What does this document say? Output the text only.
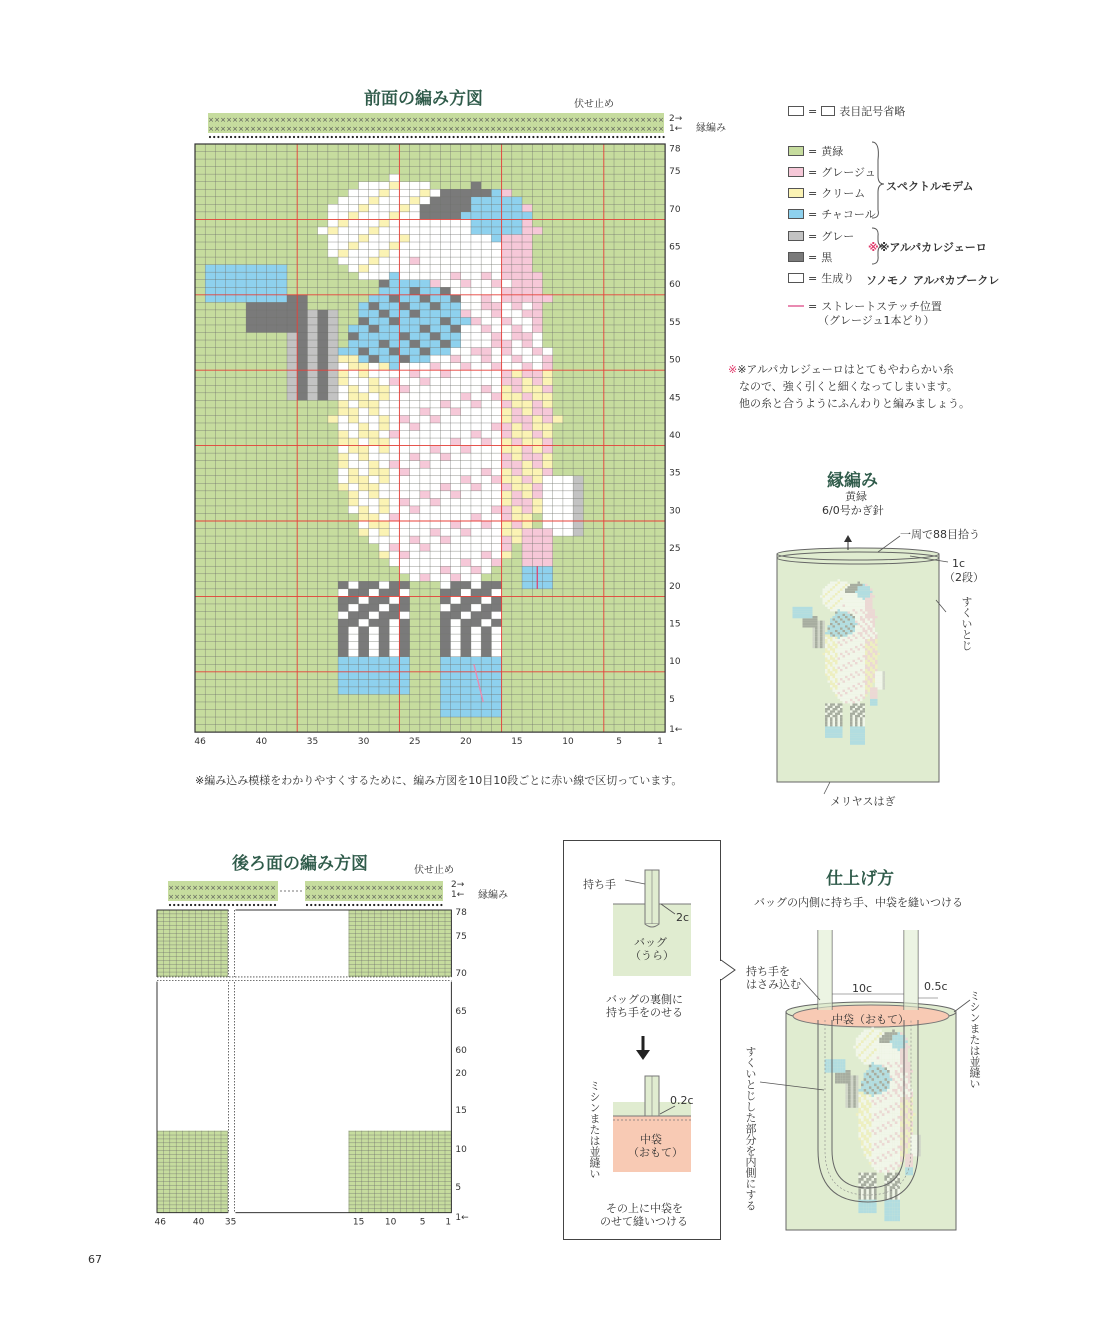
前面の編み方図	伏せ止め
縁編み
2→
1←
×
×
×
×
×
×
×
×
×
×
×
×
×
×
×
×
×
×
×
×
×
×
×
×
×
×
×
×
×
×
×
×
×
×
×
×
×
×
×
×
×
×
×
×
×
×
×
×
×
×
×
×
×
×
×
×
×
×
×
×
×
×
×
×
×
×
×
×
×
×
×
×
×
×
×
×
×
×
×
×
×
×
×
×
×
×
×
×
×
×
×
×
×
×
×
×
×
×
×
×
×
×
×
×
×
×
×
×
×
×
×
×
×
×
×
×
×
×
×
×
×
×
×
×
×
×
×
×
×
×
×
×
×
×
×
×
×
×
×
×
×
×
×
×
×
×
×
×
×
×
×
×
78
75
70
65
60
55
50
45
40
35
30
25
20
15
10
5
1←
46	40	35	30	25	20	15	10	5	1
※編み込み模様をわかりやすくするために、編み方図を10目10段ごとに赤い線で区切っています。
= 表目記号省略
= 黄緑
= グレージュ
= クリーム
= チャコール
= グレー
= 黒
= 生成り
スペクトルモデム
※※アルパカレジェーロ
ソノモノ アルパカブークレ
= ストレートステッチ位置
（グレージュ1本どり）
※※アルパカレジェーロはとてもやわらかい糸
なので、強く引くと細くなってしまいます。
他の糸と合うようにふんわりと編みましょう。
縁編み
黄緑
6/0号かぎ針
一周で88目拾う
1c
（2段）
すくいとじ
メリヤスはぎ
後ろ面の編み方図	伏せ止め
縁編み
2→
1←
×
×
×
×
×
×
×
×
×
×
×
×
×
×
×
×
×
×
×
×
×
×
×
×
×
×
×
×
×
×
×
×
×
×
×
×
×
×
×
×
×
×
×
×
×
×
×
×
×
×
×
×
×
×
×
×
×
×
×
×
×
×
×
×
×
×
×
×
×
×
×
×
×
×
×
×
×
×
×
×
×
×
78
75
70
65
60
20
15
10
5
1←
46	40 35	15 10	5 1
持ち手
2c
バッグ
（うら）
バッグの裏側に
持ち手をのせる
ミシンまたは並縫い	0.2c
中袋
（おもて）
その上に中袋を
のせて縫いつける
仕上げ方
バッグの内側に持ち手、中袋を縫いつける
持ち手を
はさみ込む	10c	0.5c
中袋（おもて）	ミシンまたは並縫い
すくいとじした部分を内側にする
67
